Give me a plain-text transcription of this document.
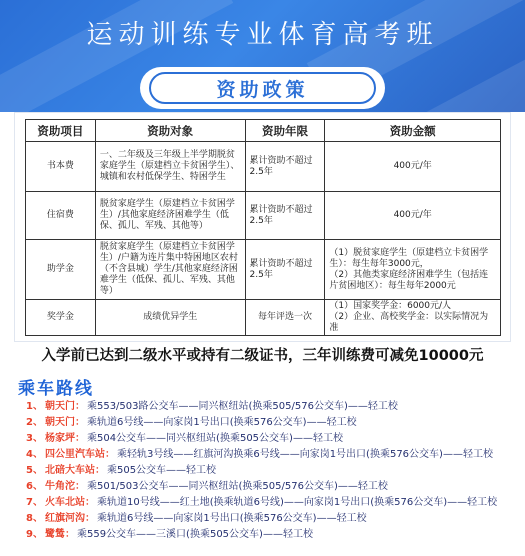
运动训练专业体育高考班
资助政策
资助项目	资助对象	资助年限	资助金额
书本费	一、二年级及三年级上半学期脱贫家庭学生（原建档立卡贫困学生）、城镇和农村低保学生、特困学生	累计资助不超过2.5年	400元/年
住宿费	脱贫家庭学生（原建档立卡贫困学生）/其他家庭经济困难学生（低保、孤儿、军残、其他等）	累计资助不超过2.5年	400元/年
助学金	脱贫家庭学生（原建档立卡贫困学生）/户籍为连片集中特困地区农村（不含县城）学生/其他家庭经济困难学生（低保、孤儿、军残、其他等）	累计资助不超过2.5年	（1）脱贫家庭学生（原建档立卡贫困学生）：每生每年3000元，
（2）其他类家庭经济困难学生（包括连片贫困地区）：每生每年2000元

奖学金	成绩优异学生	每年评选一次	（1）国家奖学金：6000元/人
（2）企业、高校奖学金：以实际情况为准
入学前已达到二级水平或持有二级证书，三年训练费可减免10000元
乘车路线
1、 朝天门： 乘553/503路公交车——同兴枢纽站(换乘505/576公交车)——轻工校
2、 朝天门： 乘轨道6号线——向家岗1号出口(换乘576公交车)——轻工校
3、 杨家坪： 乘504公交车——同兴枢纽站(换乘505公交车)——轻工校
4、 四公里汽车站： 乘轻轨3号线——红旗河沟换乘6号线——向家岗1号出口(换乘576公交车)——轻工校
5、 北碚大车站： 乘505公交车——轻工校
6、 牛角沱： 乘501/503公交车——同兴枢纽站(换乘505/576公交车)——轻工校
7、 火车北站： 乘轨道10号线——红土地(换乘轨道6号线)——向家岗1号出口(换乘576公交车)——轻工校
8、 红旗河沟： 乘轨道6号线——向家岗1号出口(换乘576公交车)——轻工校
9、 鹭鸶： 乘559公交车——三溪口(换乘505公交车)——轻工校
